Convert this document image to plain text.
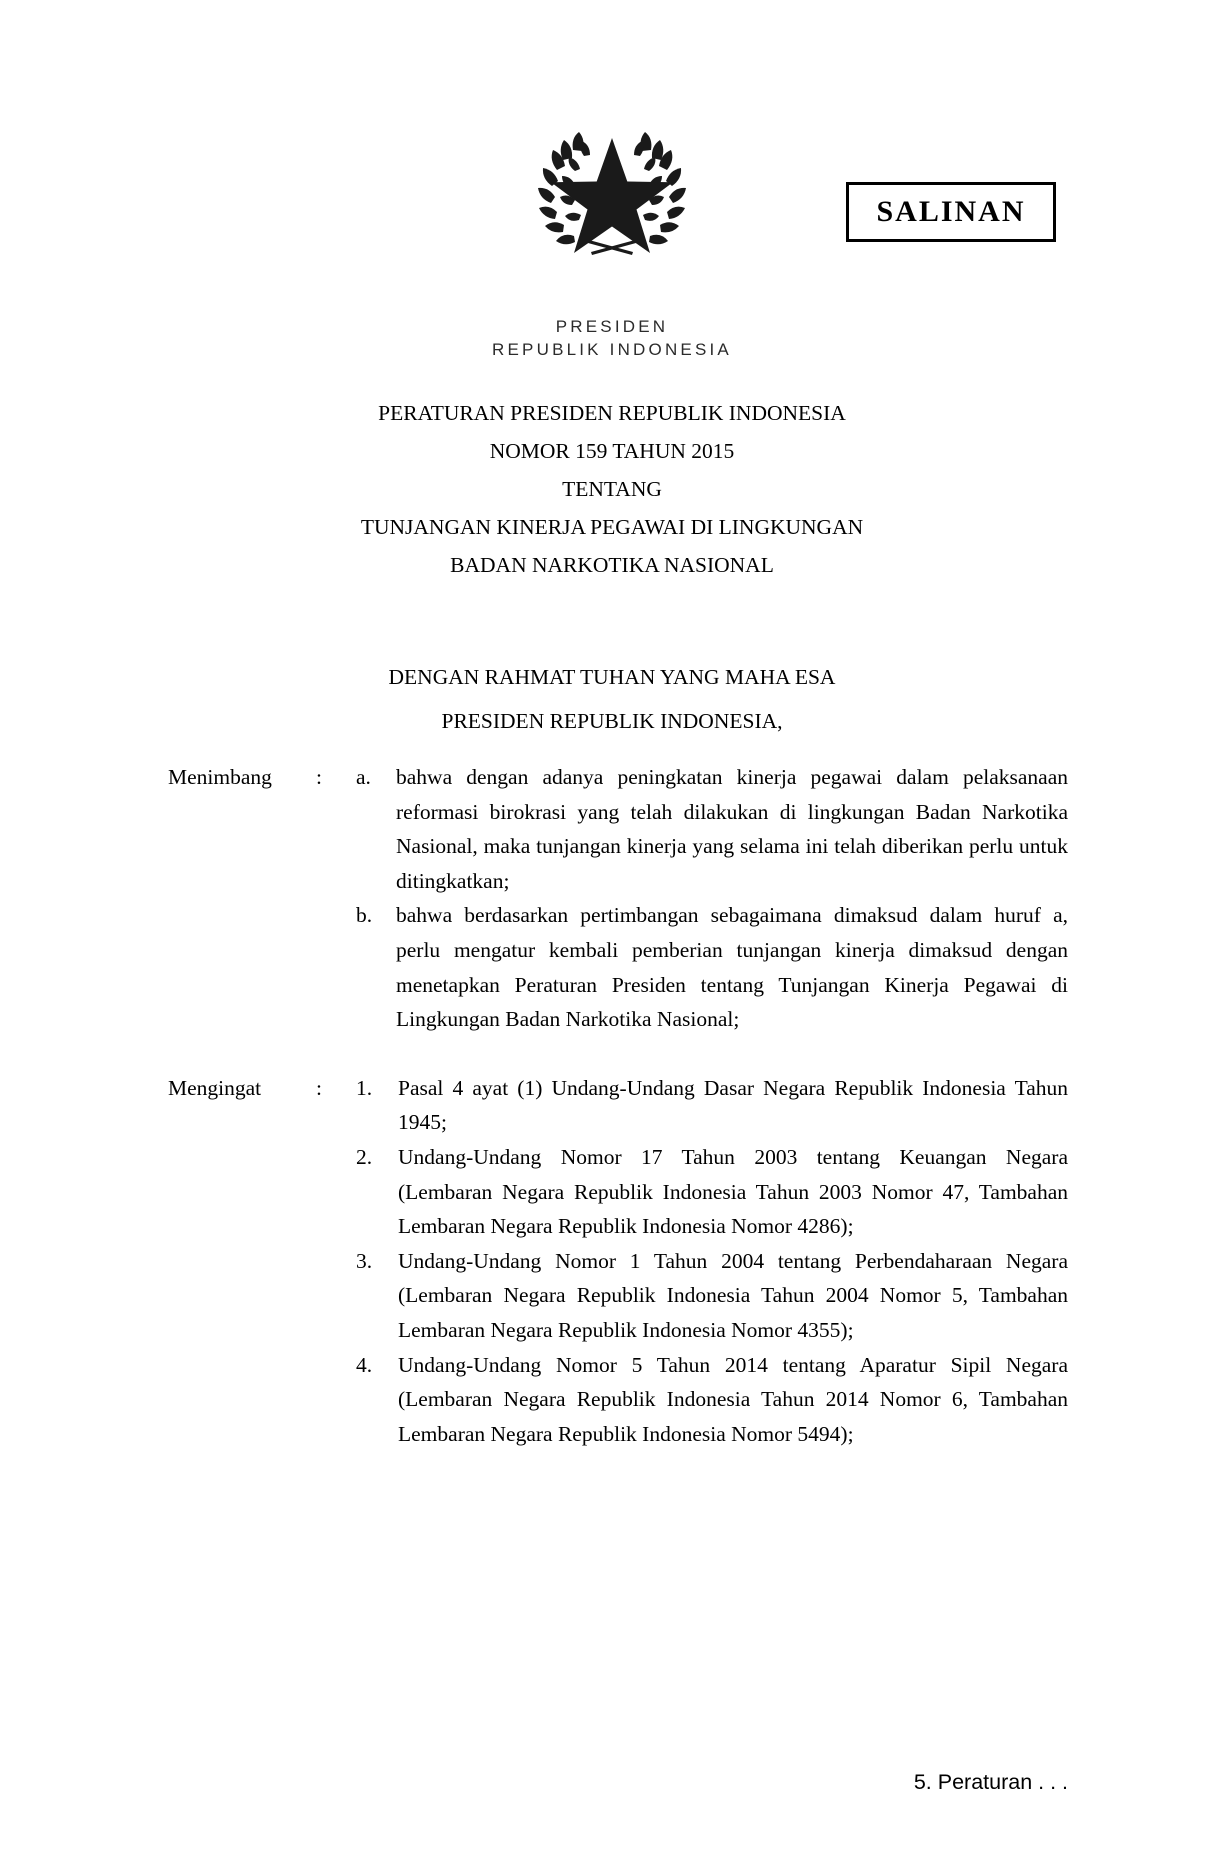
PRESIDEN
REPUBLIK INDONESIA
SALINAN
PERATURAN PRESIDEN REPUBLIK INDONESIA
NOMOR 159 TAHUN 2015
TENTANG
TUNJANGAN KINERJA PEGAWAI DI LINGKUNGAN
BADAN NARKOTIKA NASIONAL
DENGAN RAHMAT TUHAN YANG MAHA ESA
PRESIDEN REPUBLIK INDONESIA,
Menimbang	:	a.	bahwa dengan adanya peningkatan kinerja pegawai dalam pelaksanaan reformasi birokrasi yang telah dilakukan di lingkungan Badan Narkotika Nasional, maka tunjangan kinerja yang selama ini telah diberikan perlu untuk ditingkatkan;
b.	bahwa berdasarkan pertimbangan sebagaimana dimaksud dalam huruf a, perlu mengatur kembali pemberian tunjangan kinerja dimaksud dengan menetapkan Peraturan Presiden tentang Tunjangan Kinerja Pegawai di Lingkungan Badan Narkotika Nasional;
Mengingat	:	1.	Pasal 4 ayat (1) Undang-Undang Dasar Negara Republik Indonesia Tahun 1945;
2.	Undang-Undang Nomor 17 Tahun 2003 tentang Keuangan Negara (Lembaran Negara Republik Indonesia Tahun 2003 Nomor 47, Tambahan Lembaran Negara Republik Indonesia Nomor 4286);
3.	Undang-Undang Nomor 1 Tahun 2004 tentang Perbendaharaan Negara (Lembaran Negara Republik Indonesia Tahun 2004 Nomor 5, Tambahan Lembaran Negara Republik Indonesia Nomor 4355);
4.	Undang-Undang Nomor 5 Tahun 2014 tentang Aparatur Sipil Negara (Lembaran Negara Republik Indonesia Tahun 2014 Nomor 6, Tambahan Lembaran Negara Republik Indonesia Nomor 5494);
5. Peraturan . . .
